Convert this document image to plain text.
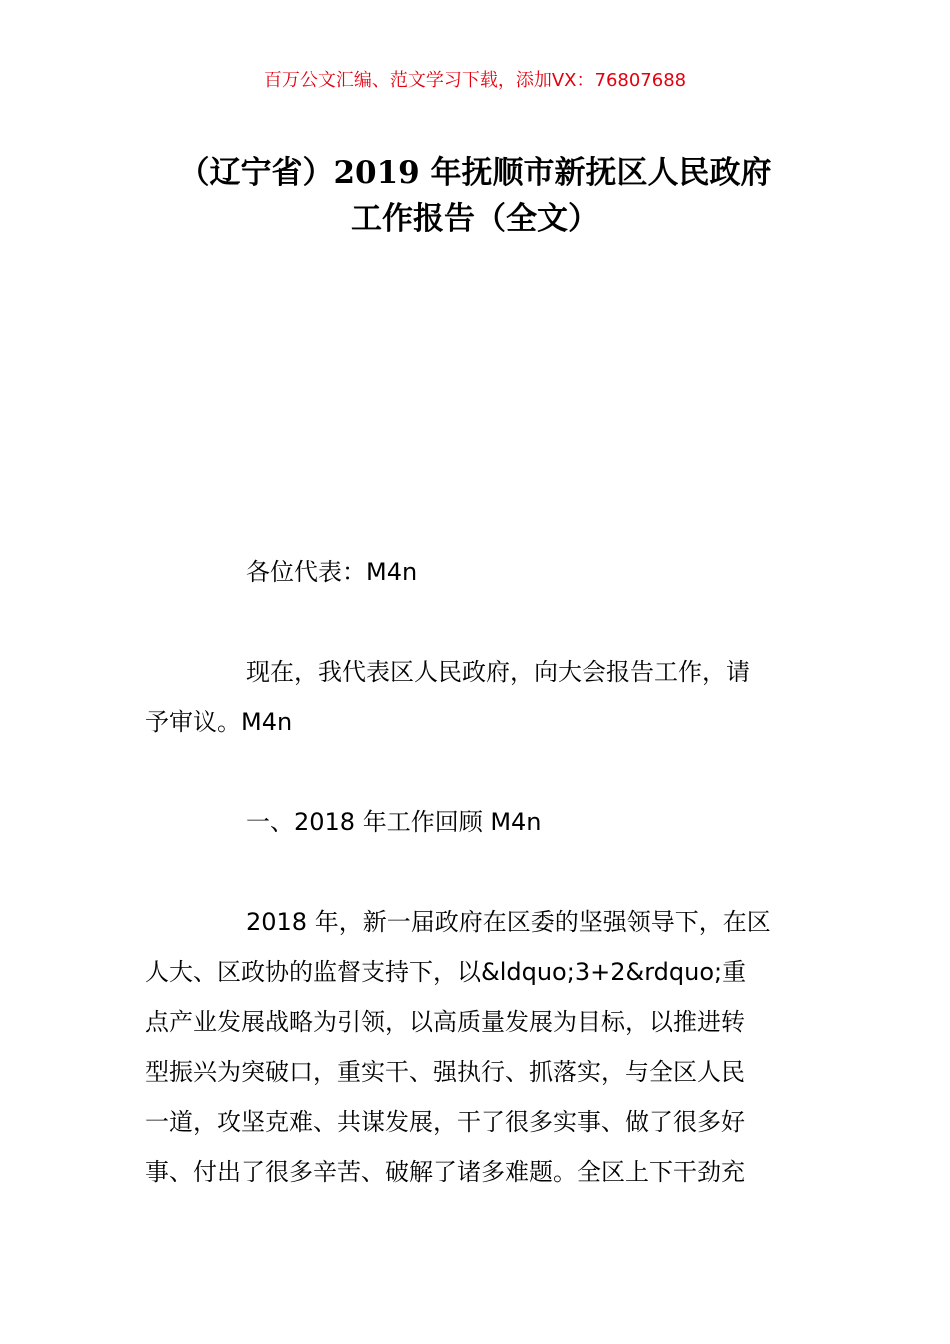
百万公文汇编、范文学习下载，添加VX：76807688
（辽宁省）2019 年抚顺市新抚区人民政府
工作报告（全文）

各位代表：M4n

现在，我代表区人民政府，向大会报告工作，请
予审议。M4n

一、2018 年工作回顾 M4n

2018 年，新一届政府在区委的坚强领导下，在区
人大、区政协的监督支持下，以&ldquo;3+2&rdquo;重
点产业发展战略为引领，以高质量发展为目标，以推进转
型振兴为突破口，重实干、强执行、抓落实，与全区人民
一道，攻坚克难、共谋发展，干了很多实事、做了很多好
事、付出了很多辛苦、破解了诸多难题。全区上下干劲充
